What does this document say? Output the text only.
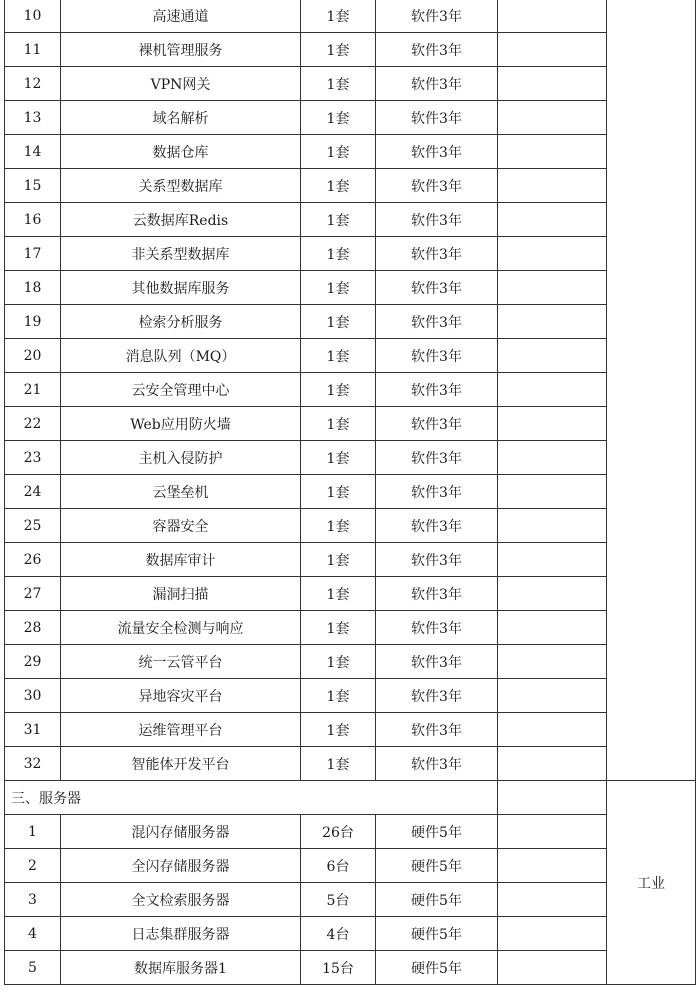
10	高速通道	1套	软件3年		
11	裸机管理服务	1套	软件3年		
12	VPN网关	1套	软件3年		
13	域名解析	1套	软件3年		
14	数据仓库	1套	软件3年		
15	关系型数据库	1套	软件3年		
16	云数据库Redis	1套	软件3年		
17	非关系型数据库	1套	软件3年		
18	其他数据库服务	1套	软件3年		
19	检索分析服务	1套	软件3年		
20	消息队列（MQ）	1套	软件3年		
21	云安全管理中心	1套	软件3年		
22	Web应用防火墙	1套	软件3年		
23	主机入侵防护	1套	软件3年		
24	云堡垒机	1套	软件3年		
25	容器安全	1套	软件3年		
26	数据库审计	1套	软件3年		
27	漏洞扫描	1套	软件3年		
28	流量安全检测与响应	1套	软件3年		
29	统一云管平台	1套	软件3年		
30	异地容灾平台	1套	软件3年		
31	运维管理平台	1套	软件3年		
32	智能体开发平台	1套	软件3年		
三、服务器					工业
1	混闪存储服务器	26台	硬件5年		
2	全闪存储服务器	6台	硬件5年		
3	全文检索服务器	5台	硬件5年		
4	日志集群服务器	4台	硬件5年		
5	数据库服务器1	15台	硬件5年		
